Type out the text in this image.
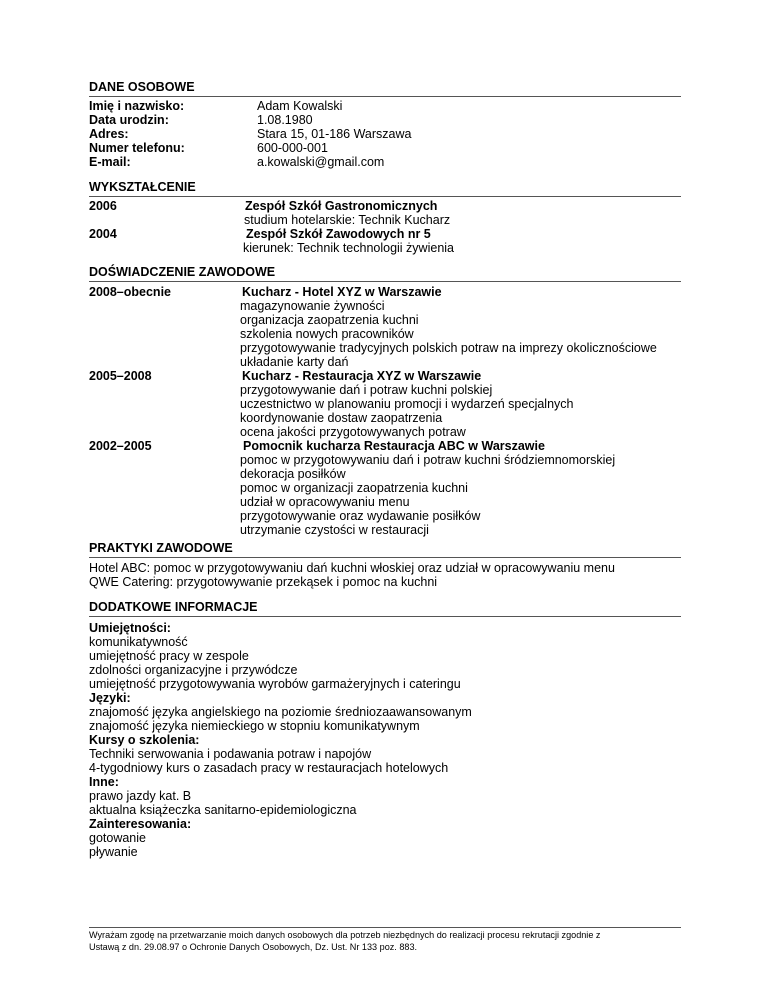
DANE OSOBOWE
Imię i nazwisko:	Adam Kowalski
Data urodzin:	1.08.1980
Adres:	Stara 15, 01-186 Warszawa
Numer telefonu:	600-000-001
E-mail:	a.kowalski@gmail.com
WYKSZTAŁCENIE
2006	Zespół Szkół Gastronomicznych
studium hotelarskie: Technik Kucharz
2004	Zespół Szkół Zawodowych nr 5
kierunek: Technik technologii żywienia
DOŚWIADCZENIE ZAWODOWE
2008–obecnie	Kucharz - Hotel XYZ w Warszawie
magazynowanie żywności
organizacja zaopatrzenia kuchni
szkolenia nowych pracowników
przygotowywanie tradycyjnych polskich potraw na imprezy okolicznościowe
układanie karty dań
2005–2008	Kucharz - Restauracja XYZ w Warszawie
przygotowywanie dań i potraw kuchni polskiej
uczestnictwo w planowaniu promocji i wydarzeń specjalnych
koordynowanie dostaw zaopatrzenia
ocena jakości przygotowywanych potraw
2002–2005	Pomocnik kucharza Restauracja ABC w Warszawie
pomoc w przygotowywaniu dań i potraw kuchni śródziemnomorskiej
dekoracja posiłków
pomoc w organizacji zaopatrzenia kuchni
udział w opracowywaniu menu
przygotowywanie oraz wydawanie posiłków
utrzymanie czystości w restauracji
PRAKTYKI ZAWODOWE
Hotel ABC: pomoc w przygotowywaniu dań kuchni włoskiej oraz udział w opracowywaniu menu
QWE Catering: przygotowywanie przekąsek i pomoc na kuchni
DODATKOWE INFORMACJE
Umiejętności:
komunikatywność
umiejętność pracy w zespole
zdolności organizacyjne i przywódcze
umiejętność przygotowywania wyrobów garmażeryjnych i cateringu
Języki:
znajomość języka angielskiego na poziomie średniozaawansowanym
znajomość języka niemieckiego w stopniu komunikatywnym
Kursy o szkolenia:
Techniki serwowania i podawania potraw i napojów
4-tygodniowy kurs o zasadach pracy w restauracjach hotelowych
Inne:
prawo jazdy kat. B
aktualna książeczka sanitarno-epidemiologiczna
Zainteresowania:
gotowanie
pływanie
Wyrażam zgodę na przetwarzanie moich danych osobowych dla potrzeb niezbędnych do realizacji procesu rekrutacji zgodnie z
Ustawą z dn. 29.08.97 o Ochronie Danych Osobowych, Dz. Ust. Nr 133 poz. 883.
